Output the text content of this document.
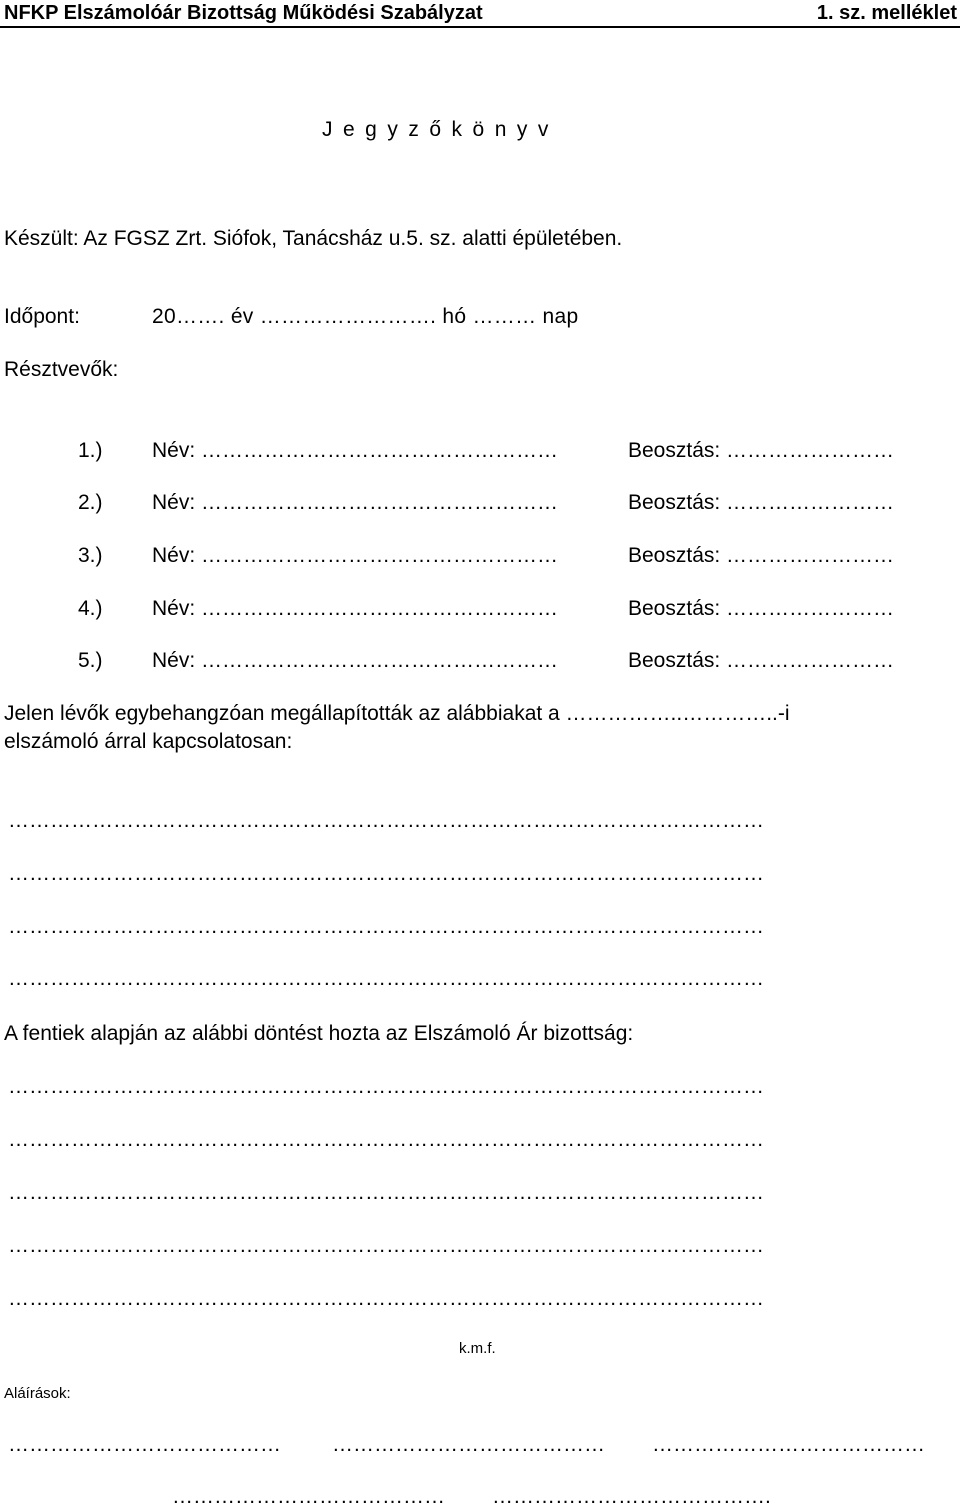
NFKP Elszámolóár Bizottság Működési Szabályzat	1. sz. melléklet
Jegyzőkönyv
Készült: Az FGSZ Zrt. Siófok, Tanácsház u.5. sz. alatti épületében.
Időpont:	20……. év ……………………. hó ……… nap
Résztvevők:
1.) Név: ……………………………………………	Beosztás: ……………………
2.) Név: ……………………………………………	Beosztás: ……………………
3.) Név: ……………………………………………	Beosztás: ……………………
4.) Név: ……………………………………………	Beosztás: ……………………
5.) Név: ……………………………………………	Beosztás: ……………………
Jelen lévők egybehangzóan megállapították az alábbiakat a ……………..…………..-i
elszámoló árral kapcsolatosan:
………………………………………………………………………………………………
………………………………………………………………………………………………
………………………………………………………………………………………………
………………………………………………………………………………………………
A fentiek alapján az alábbi döntést hozta az Elszámoló Ár bizottság:
………………………………………………………………………………………………
………………………………………………………………………………………………
………………………………………………………………………………………………
………………………………………………………………………………………………
………………………………………………………………………………………………
k.m.f.
Aláírások:
…………………………………	…………………………………	…………………………………
…………………………………	………………………………….
